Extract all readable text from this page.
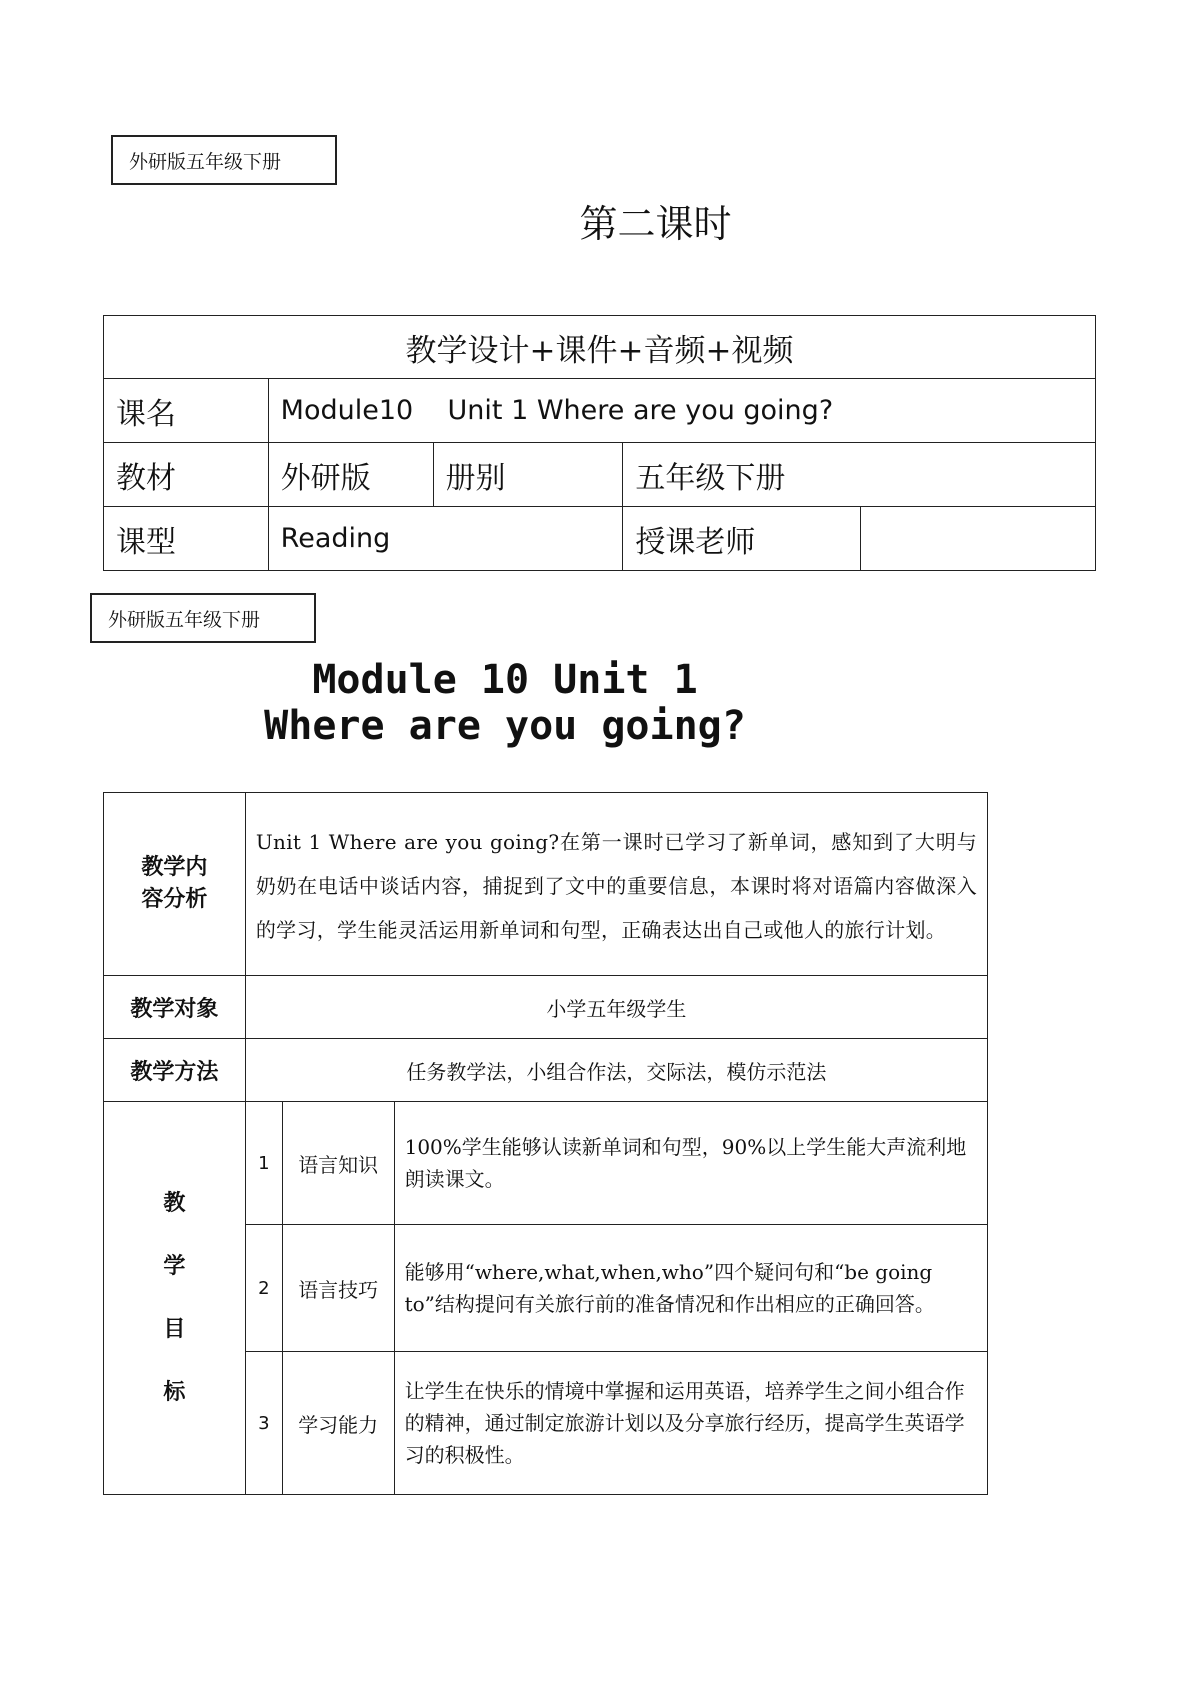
外研版五年级下册
第二课时
教学设计+课件+音频+视频				
课名	Module10    Unit 1 Where are you going?			
教材	外研版	册别	五年级下册	
课型	Reading		授课老师	
外研版五年级下册
Module 10 Unit 1
Where are you going?
教学内容分析	Unit 1 Where are you going?在第一课时已学习了新单词，感知到了大明与奶奶在电话中谈话内容，捕捉到了文中的重要信息，本课时将对语篇内容做深入的学习，学生能灵活运用新单词和句型，正确表达出自己或他人的旅行计划。		
教学对象	小学五年级学生		
教学方法	任务教学法，小组合作法，交际法，模仿示范法		

教
学
目
标	1	语言知识	100%学生能够认读新单词和句型，90%以上学生能大声流利地朗读课文。
	2	语言技巧	能够用“where,what,when,who”四个疑问句和“be going to”结构提问有关旅行前的准备情况和作出相应的正确回答。
	3	学习能力	让学生在快乐的情境中掌握和运用英语，培养学生之间小组合作的精神，通过制定旅游计划以及分享旅行经历，提高学生英语学习的积极性。
